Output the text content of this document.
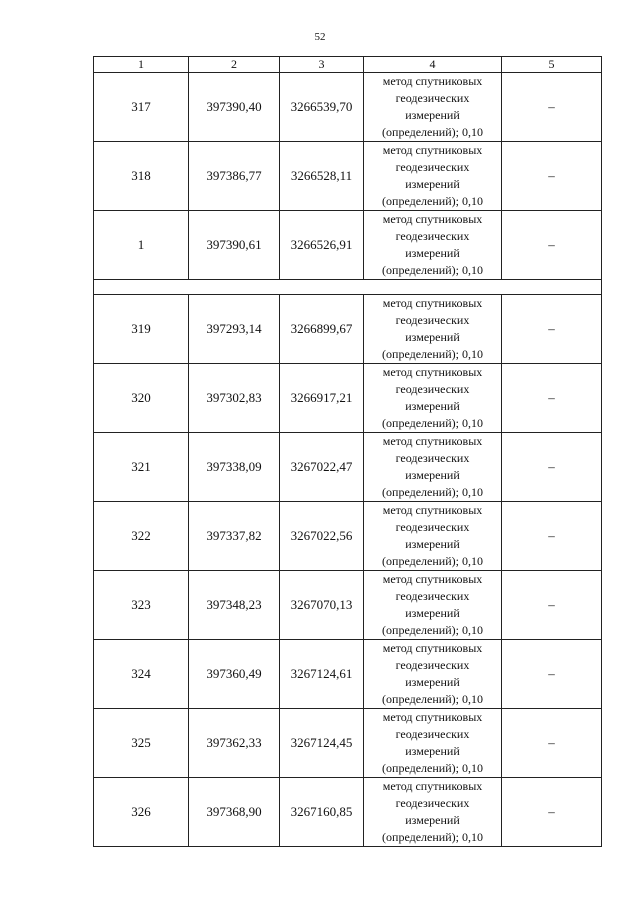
52
1	2	3	4	5
317	397390,40	3266539,70	метод спутниковых
геодезических
измерений
(определений); 0,10	–
318	397386,77	3266528,11	метод спутниковых
геодезических
измерений
(определений); 0,10	–
1	397390,61	3266526,91	метод спутниковых
геодезических
измерений
(определений); 0,10	–

319	397293,14	3266899,67	метод спутниковых
геодезических
измерений
(определений); 0,10	–
320	397302,83	3266917,21	метод спутниковых
геодезических
измерений
(определений); 0,10	–
321	397338,09	3267022,47	метод спутниковых
геодезических
измерений
(определений); 0,10	–
322	397337,82	3267022,56	метод спутниковых
геодезических
измерений
(определений); 0,10	–
323	397348,23	3267070,13	метод спутниковых
геодезических
измерений
(определений); 0,10	–
324	397360,49	3267124,61	метод спутниковых
геодезических
измерений
(определений); 0,10	–
325	397362,33	3267124,45	метод спутниковых
геодезических
измерений
(определений); 0,10	–
326	397368,90	3267160,85	метод спутниковых
геодезических
измерений
(определений); 0,10	–
